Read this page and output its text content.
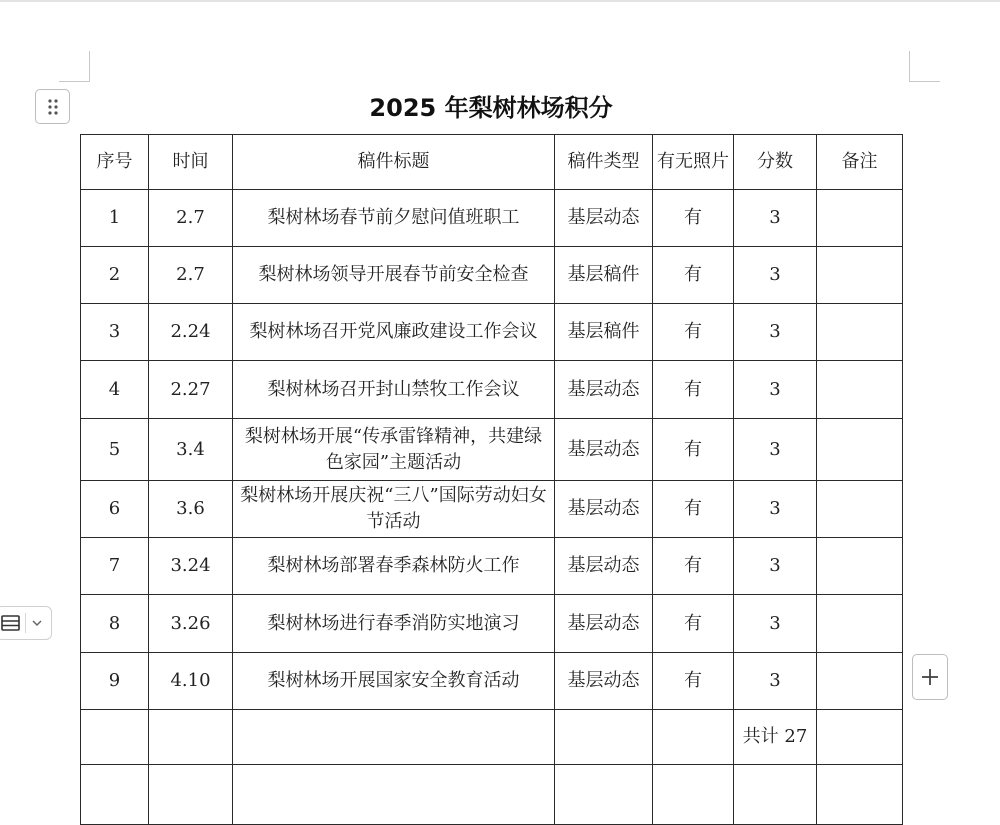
2025 年梨树林场积分
序号	时间	稿件标题	稿件类型	有无照片	分数	备注
1	2.7	梨树林场春节前夕慰问值班职工	基层动态	有	3	
2	2.7	梨树林场领导开展春节前安全检查	基层稿件	有	3	
3	2.24	梨树林场召开党风廉政建设工作会议	基层稿件	有	3	
4	2.27	梨树林场召开封山禁牧工作会议	基层动态	有	3	
5	3.4	梨树林场开展“传承雷锋精神，共建绿色家园”主题活动	基层动态	有	3	
6	3.6	梨树林场开展庆祝“三八”国际劳动妇女节活动	基层动态	有	3	
7	3.24	梨树林场部署春季森林防火工作	基层动态	有	3	
8	3.26	梨树林场进行春季消防实地演习	基层动态	有	3	
9	4.10	梨树林场开展国家安全教育活动	基层动态	有	3	
					共计 27	
